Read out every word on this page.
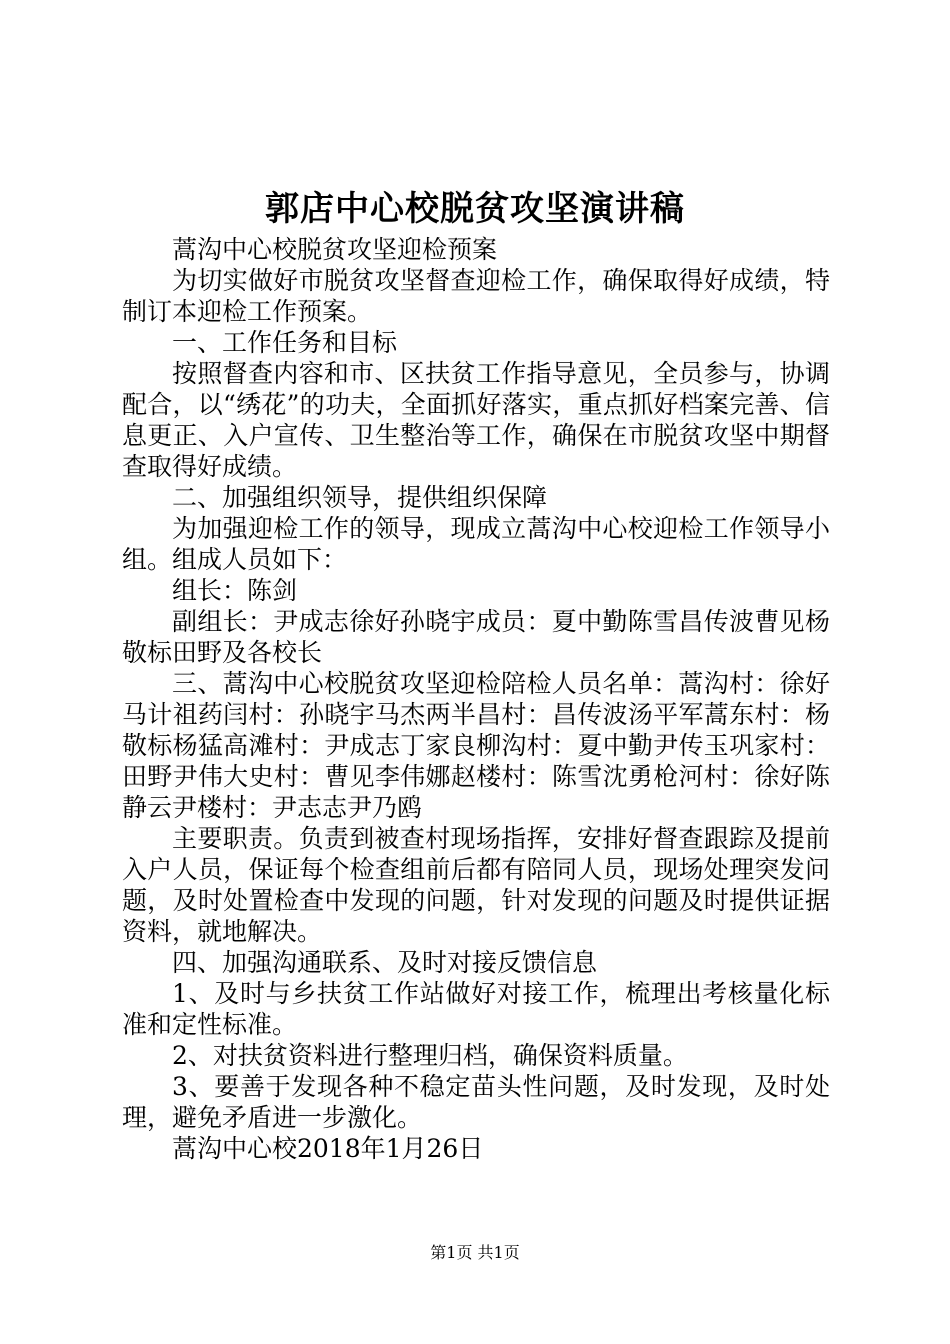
郭店中心校脱贫攻坚演讲稿

蒿沟中心校脱贫攻坚迎检预案

为切实做好市脱贫攻坚督查迎检工作，确保取得好成绩，特制订本迎检工作预案。

一、工作任务和目标

按照督查内容和市、区扶贫工作指导意见，全员参与，协调配合，以“绣花”的功夫，全面抓好落实，重点抓好档案完善、信息更正、入户宣传、卫生整治等工作，确保在市脱贫攻坚中期督查取得好成绩。

二、加强组织领导，提供组织保障

为加强迎检工作的领导，现成立蒿沟中心校迎检工作领导小组。组成人员如下：

组长：陈剑

副组长：尹成志徐好孙晓宇成员：夏中勤陈雪昌传波曹见杨敬标田野及各校长

三、蒿沟中心校脱贫攻坚迎检陪检人员名单：蒿沟村：徐好马计祖药闫村：孙晓宇马杰两半昌村：昌传波汤平军蒿东村：杨敬标杨猛高滩村：尹成志丁家良柳沟村：夏中勤尹传玉巩家村：田野尹伟大史村：曹见李伟娜赵楼村：陈雪沈勇枪河村：徐好陈静云尹楼村：尹志志尹乃鸥

主要职责。负责到被查村现场指挥，安排好督查跟踪及提前入户人员，保证每个检查组前后都有陪同人员，现场处理突发问题，及时处置检查中发现的问题，针对发现的问题及时提供证据资料，就地解决。

四、加强沟通联系、及时对接反馈信息

1、及时与乡扶贫工作站做好对接工作，梳理出考核量化标准和定性标准。

2、对扶贫资料进行整理归档，确保资料质量。

3、要善于发现各种不稳定苗头性问题，及时发现，及时处理，避免矛盾进一步激化。

蒿沟中心校2018年1月26日

第1页 共1页
